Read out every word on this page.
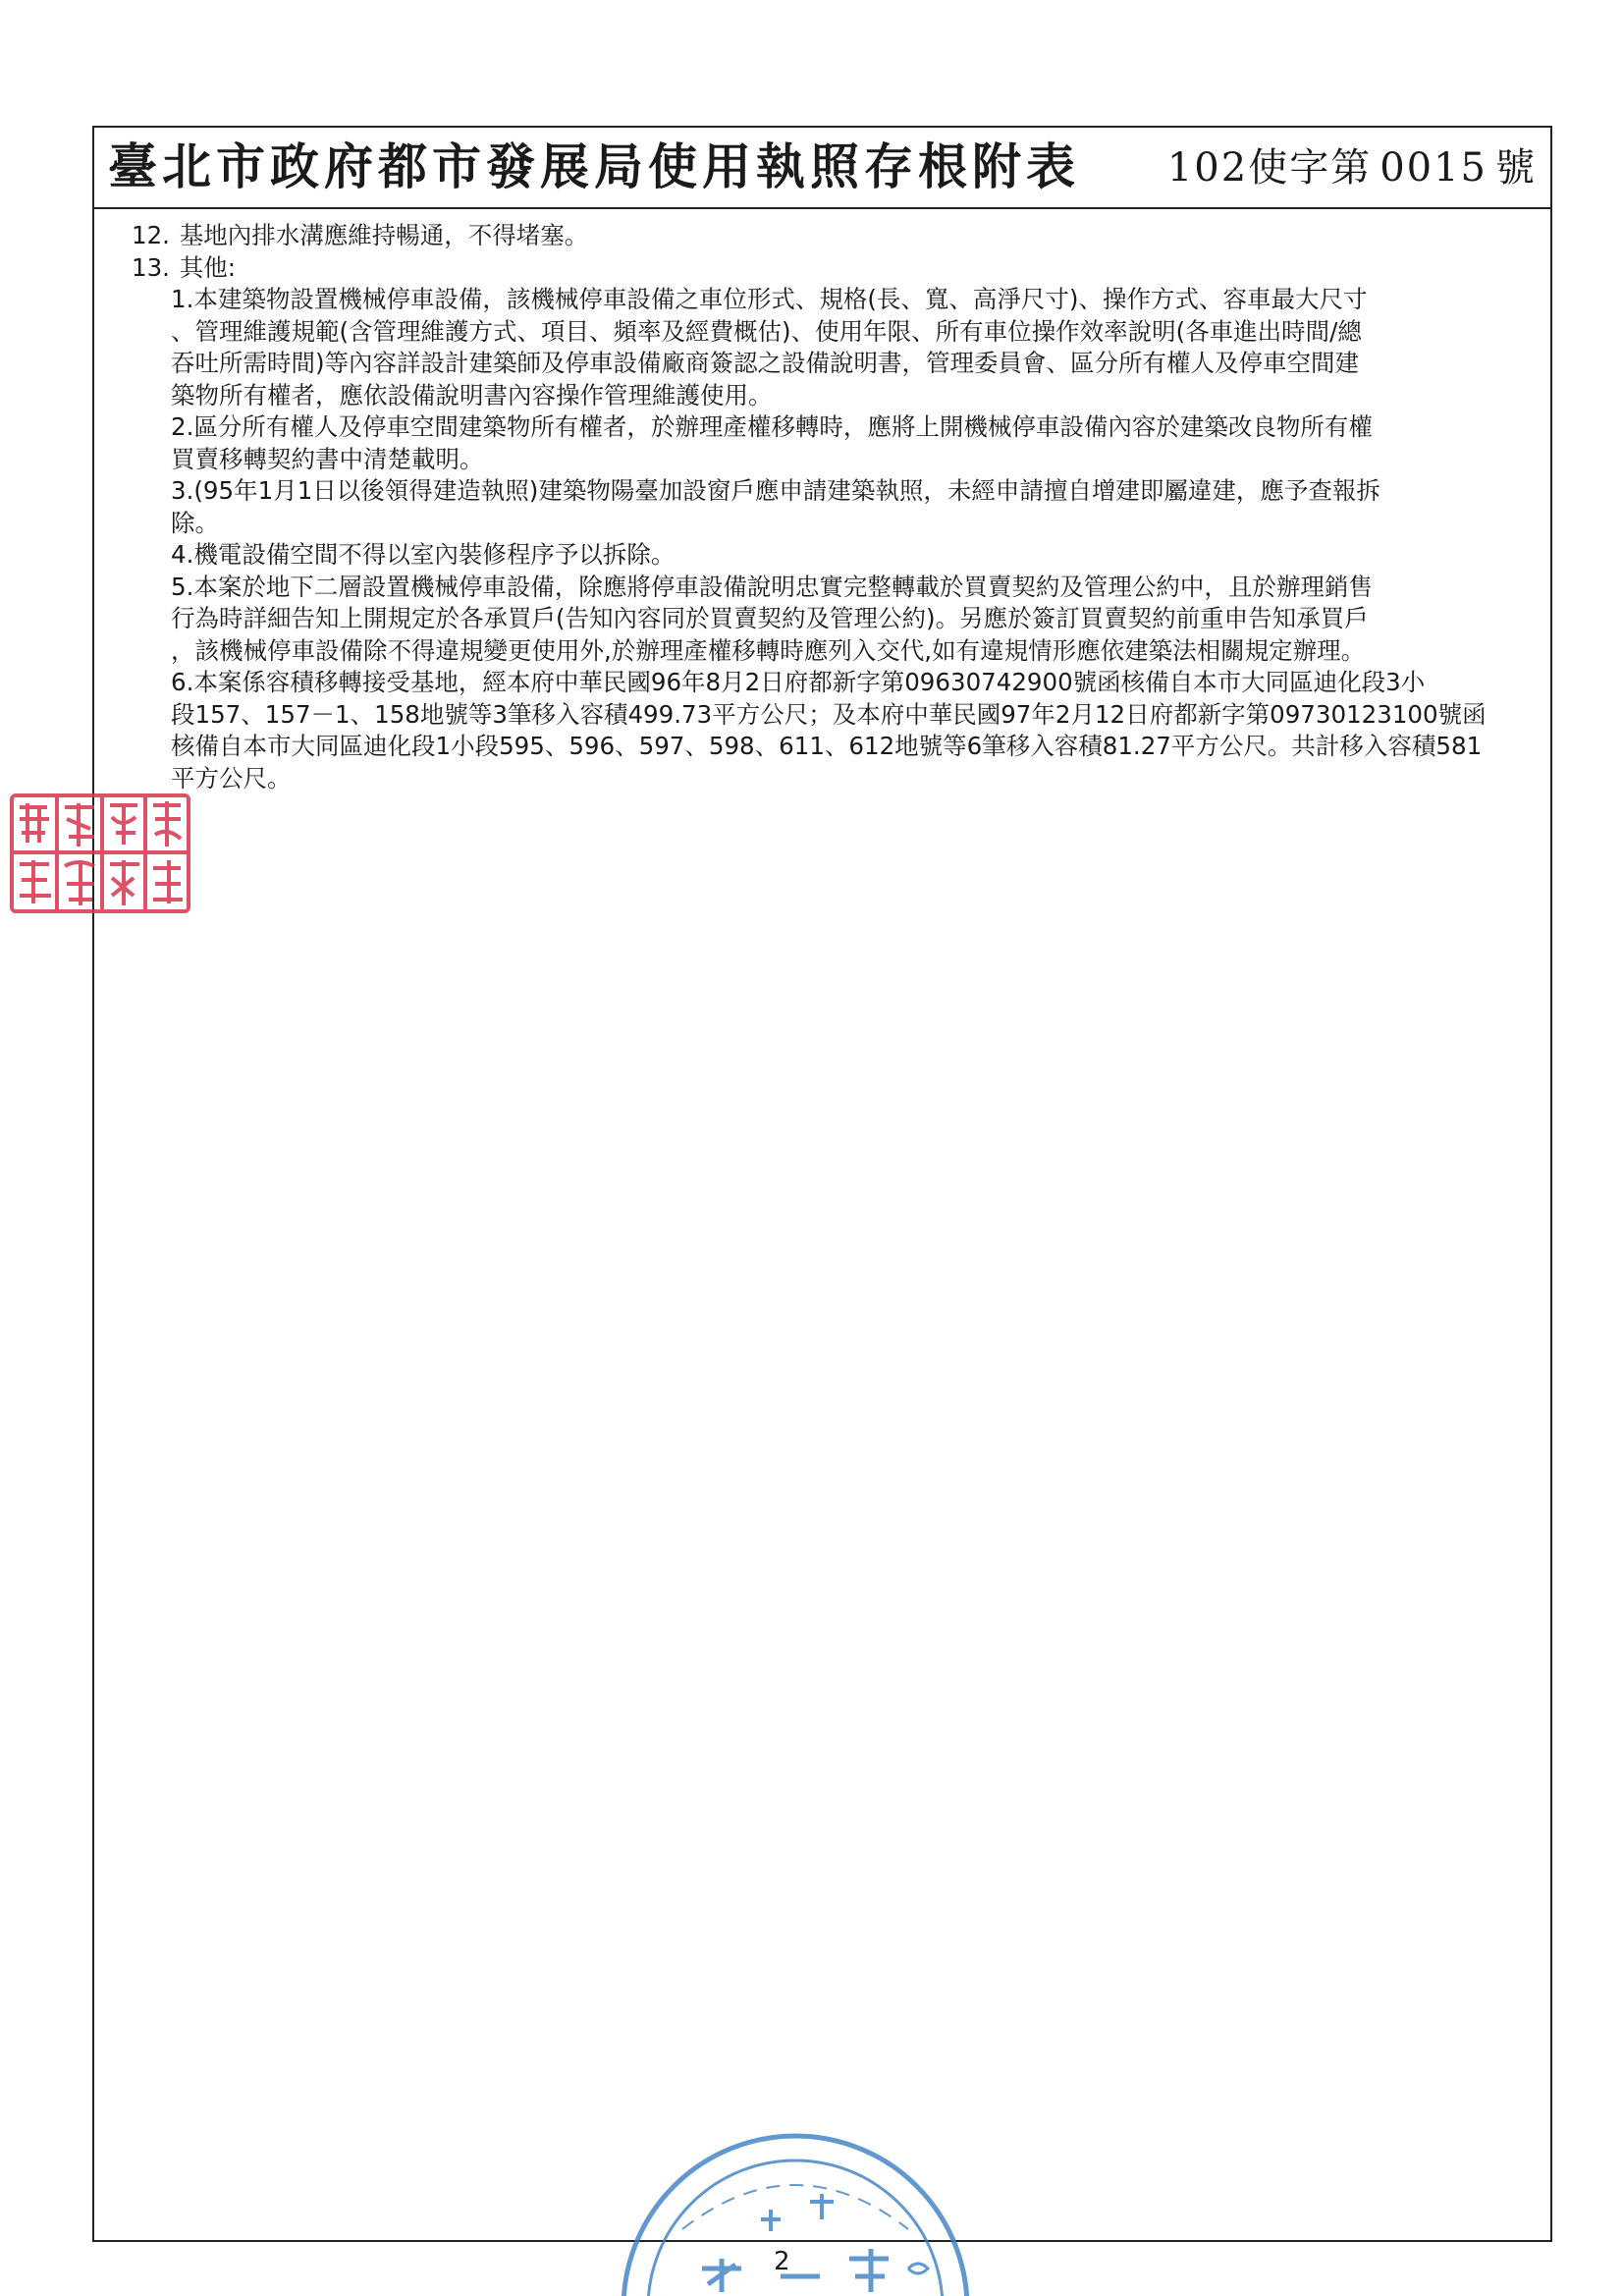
臺北市政府都市發展局使用執照存根附表 102使字第 0015 號
12. 基地內排水溝應維持暢通，不得堵塞。
13. 其他:
1.本建築物設置機械停車設備，該機械停車設備之車位形式、規格(長、寬、高淨尺寸)、操作方式、容車最大尺寸
、管理維護規範(含管理維護方式、項目、頻率及經費概估)、使用年限、所有車位操作效率說明(各車進出時間/總
吞吐所需時間)等內容詳設計建築師及停車設備廠商簽認之設備說明書，管理委員會、區分所有權人及停車空間建
築物所有權者，應依設備說明書內容操作管理維護使用。
2.區分所有權人及停車空間建築物所有權者，於辦理產權移轉時，應將上開機械停車設備內容於建築改良物所有權
買賣移轉契約書中清楚載明。
3.(95年1月1日以後領得建造執照)建築物陽臺加設窗戶應申請建築執照，未經申請擅自增建即屬違建，應予查報拆
除。
4.機電設備空間不得以室內裝修程序予以拆除。
5.本案於地下二層設置機械停車設備，除應將停車設備說明忠實完整轉載於買賣契約及管理公約中，且於辦理銷售
行為時詳細告知上開規定於各承買戶(告知內容同於買賣契約及管理公約)。另應於簽訂買賣契約前重申告知承買戶
，該機械停車設備除不得違規變更使用外,於辦理產權移轉時應列入交代,如有違規情形應依建築法相關規定辦理。
6.本案係容積移轉接受基地，經本府中華民國96年8月2日府都新字第09630742900號函核備自本市大同區迪化段3小
段157、157－1、158地號等3筆移入容積499.73平方公尺；及本府中華民國97年2月12日府都新字第09730123100號函
核備自本市大同區迪化段1小段595、596、597、598、611、612地號等6筆移入容積81.27平方公尺。共計移入容積581
平方公尺。
2
